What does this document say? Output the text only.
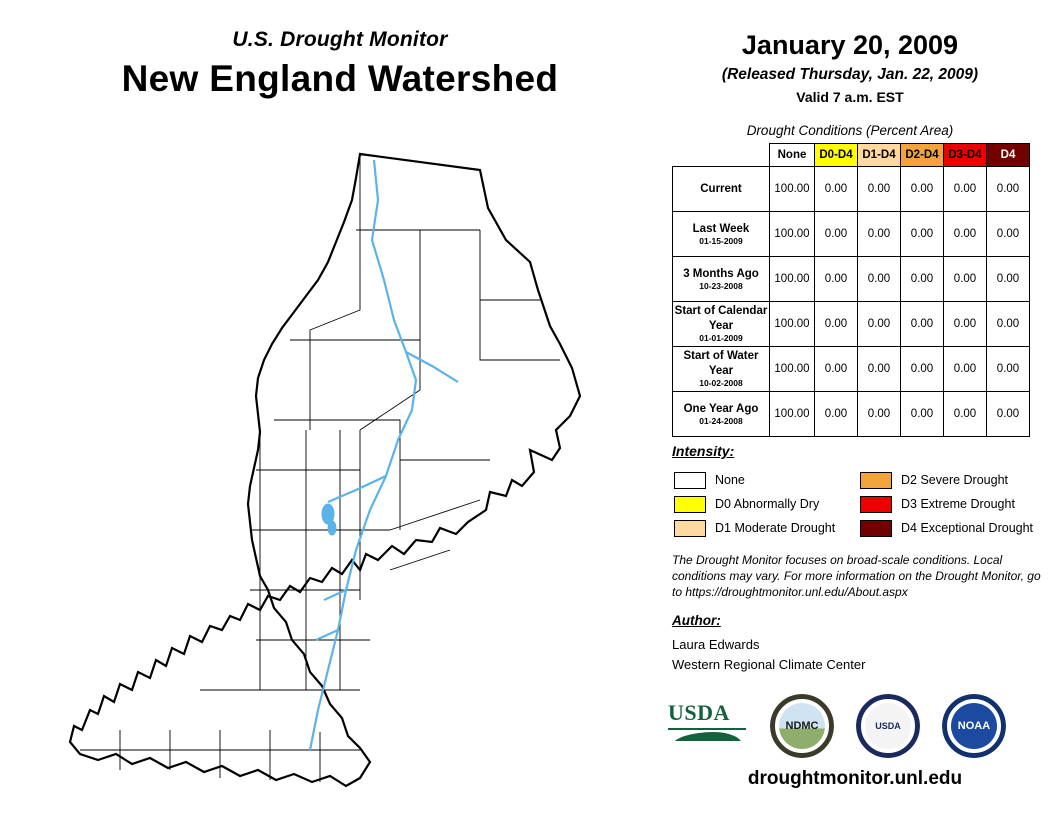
U.S. Drought Monitor
New England Watershed
January 20, 2009
(Released Thursday, Jan. 22, 2009)
Valid 7 a.m. EST
Drought Conditions (Percent Area)
	None	D0-D4	D1-D4	D2-D4	D3-D4	D4
Current	100.00	0.00	0.00	0.00	0.00	0.00
Last Week
01-15-2009	100.00	0.00	0.00	0.00	0.00	0.00
3 Months Ago
10-23-2008	100.00	0.00	0.00	0.00	0.00	0.00
Start of Calendar Year
01-01-2009	100.00	0.00	0.00	0.00	0.00	0.00
Start of Water Year
10-02-2008	100.00	0.00	0.00	0.00	0.00	0.00
One Year Ago
01-24-2008	100.00	0.00	0.00	0.00	0.00	0.00
Intensity:
None
D0 Abnormally Dry
D1 Moderate Drought
D2 Severe Drought
D3 Extreme Drought
D4 Exceptional Drought
The Drought Monitor focuses on broad-scale conditions. Local conditions may vary. For more information on the Drought Monitor, go to https://droughtmonitor.unl.edu/About.aspx
Author:
Laura Edwards
Western Regional Climate Center
USDA
NDMC	USDA	NOAA
droughtmonitor.unl.edu
